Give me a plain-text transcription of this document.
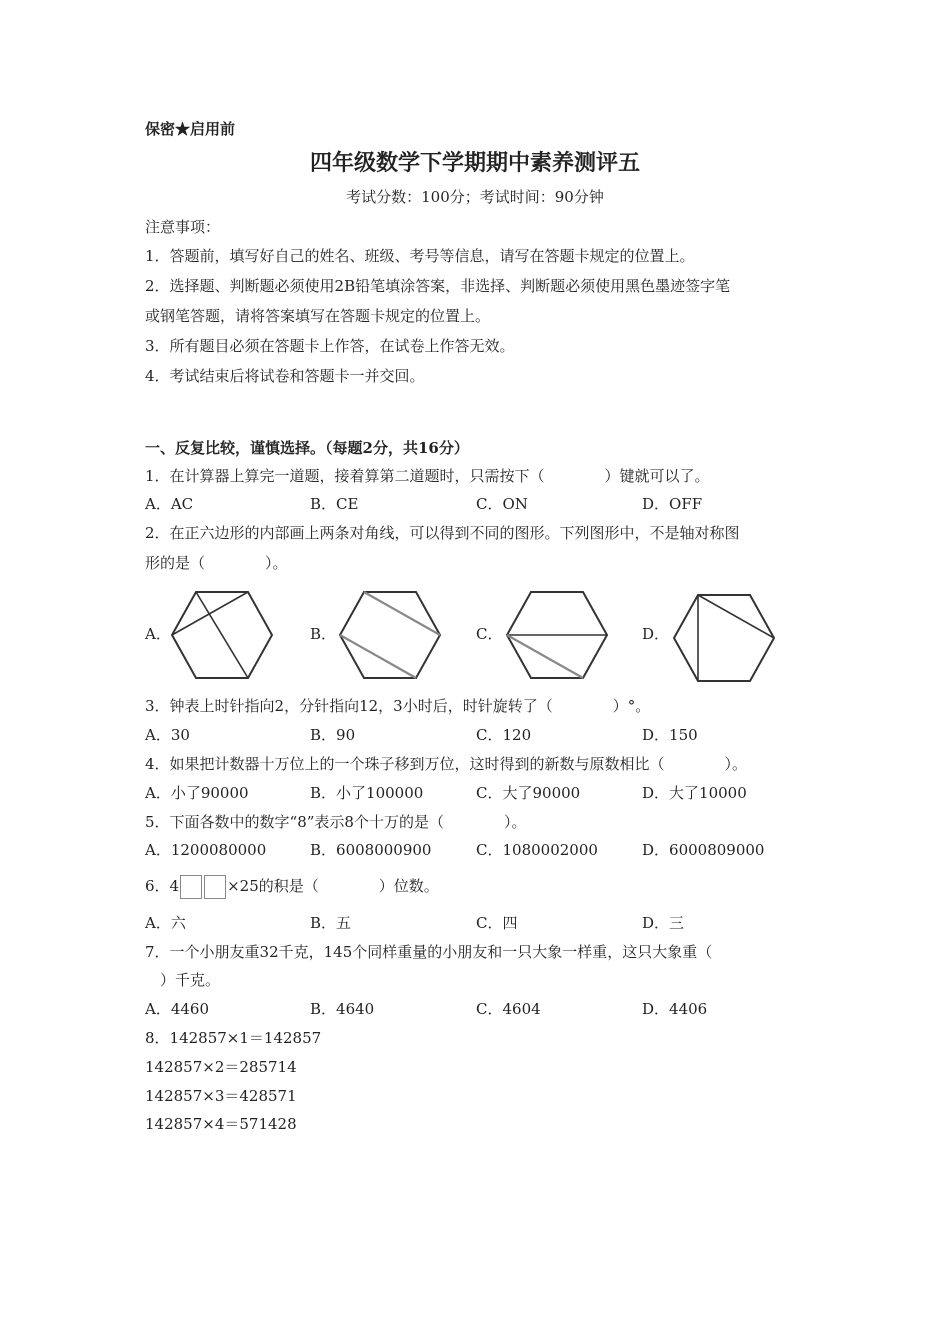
保密★启用前
四年级数学下学期期中素养测评五
考试分数：100分；考试时间：90分钟
注意事项：
1．答题前，填写好自己的姓名、班级、考号等信息，请写在答题卡规定的位置上。
2．选择题、判断题必须使用2B铅笔填涂答案，非选择、判断题必须使用黑色墨迹签字笔
或钢笔答题，请将答案填写在答题卡规定的位置上。
3．所有题目必须在答题卡上作答，在试卷上作答无效。
4．考试结束后将试卷和答题卡一并交回。
一、反复比较，谨慎选择。（每题2分，共16分）
1．在计算器上算完一道题，接着算第二道题时，只需按下（　　　　）键就可以了。
A．AC	B．CE	C．ON	D．OFF
2．在正六边形的内部画上两条对角线，可以得到不同的图形。下列图形中，不是轴对称图
形的是（　　　　）。
A．	B．	C．	D．
3．钟表上时针指向2，分针指向12，3小时后，时针旋转了（　　　　）°。
A．30	B．90	C．120	D．150
4．如果把计数器十万位上的一个珠子移到万位，这时得到的新数与原数相比（　　　　）。
A．小了90000	B．小了100000	C．大了90000	D．大了10000
5．下面各数中的数字“8”表示8个十万的是（　　　　）。
A．1200080000	B．6008000900	C．1080002000	D．6000809000
6．4	×25的积是（　　　　）位数。
A．六	B．五	C．四	D．三
7．一个小朋友重32千克，145个同样重量的小朋友和一只大象一样重，这只大象重（
　）千克。
A．4460	B．4640	C．4604	D．4406
8．142857×1＝142857
142857×2＝285714
142857×3＝428571
142857×4＝571428
